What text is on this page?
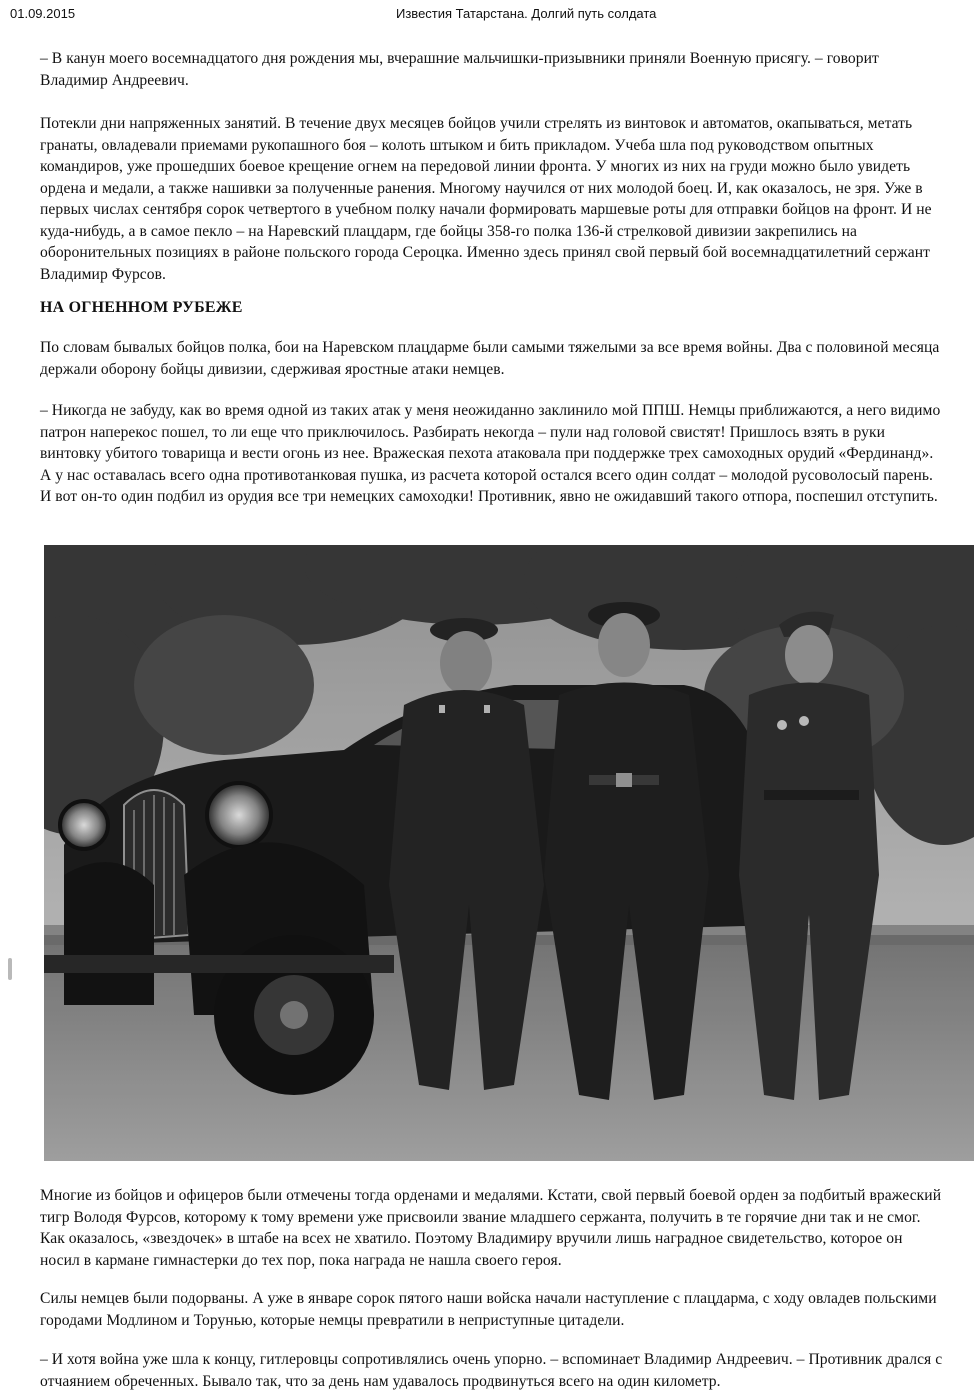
01.09.2015	Известия Татарстана. Долгий путь солдата

– В канун моего восемнадцатого дня рождения мы, вчерашние мальчишки-призывники приняли Военную присягу. – говорит Владимир Андреевич.

Потекли дни напряженных занятий. В течение двух месяцев бойцов учили стрелять из винтовок и автоматов, окапываться, метать гранаты, овладевали приемами рукопашного боя – колоть штыком и бить прикладом. Учеба шла под руководством опытных командиров, уже прошедших боевое крещение огнем на передовой линии фронта. У многих из них на груди можно было увидеть ордена и медали, а также нашивки за полученные ранения. Многому научился от них молодой боец. И, как оказалось, не зря. Уже в первых числах сентября сорок четвертого в учебном полку начали формировать маршевые роты для отправки бойцов на фронт. И не куда-нибудь, а в самое пекло – на Наревский плацдарм, где бойцы 358-го полка 136-й стрелковой дивизии закрепились на оборонительных позициях в районе польского города Сероцка. Именно здесь принял свой первый бой восемнадцатилетний сержант Владимир Фурсов.

НА ОГНЕННОМ РУБЕЖЕ

По словам бывалых бойцов полка, бои на Наревском плацдарме были самыми тяжелыми за все время войны. Два с половиной месяца держали оборону бойцы дивизии, сдерживая яростные атаки немцев.

– Никогда не забуду, как во время одной из таких атак у меня неожиданно заклинило мой ППШ. Немцы приближаются, а него видимо патрон наперекос пошел, то ли еще что приключилось. Разбирать некогда – пули над головой свистят! Пришлось взять в руки винтовку убитого товарища и вести огонь из нее. Вражеская пехота атаковала при поддержке трех самоходных орудий «Фердинанд». А у нас оставалась всего одна противотанковая пушка, из расчета которой остался всего один солдат – молодой русоволосый парень. И вот он-то один подбил из орудия все три немецких самоходки! Противник, явно не ожидавший такого отпора, поспешил отступить.

Многие из бойцов и офицеров были отмечены тогда орденами и медалями. Кстати, свой первый боевой орден за подбитый вражеский тигр Володя Фурсов, которому к тому времени уже присвоили звание младшего сержанта, получить в те горячие дни так и не смог. Как оказалось, «звездочек» в штабе на всех не хватило. Поэтому Владимиру вручили лишь наградное свидетельство, которое он носил в кармане гимнастерки до тех пор, пока награда не нашла своего героя.

Силы немцев были подорваны. А уже в январе сорок пятого наши войска начали наступление с плацдарма, с ходу овладев польскими городами Модлином и Торунью, которые немцы превратили в неприступные цитадели.

– И хотя война уже шла к концу, гитлеровцы сопротивлялись очень упорно. – вспоминает Владимир Андреевич. – Противник дрался с отчаянием обреченных. Бывало так, что за день нам удавалось продвинуться всего на один километр.
